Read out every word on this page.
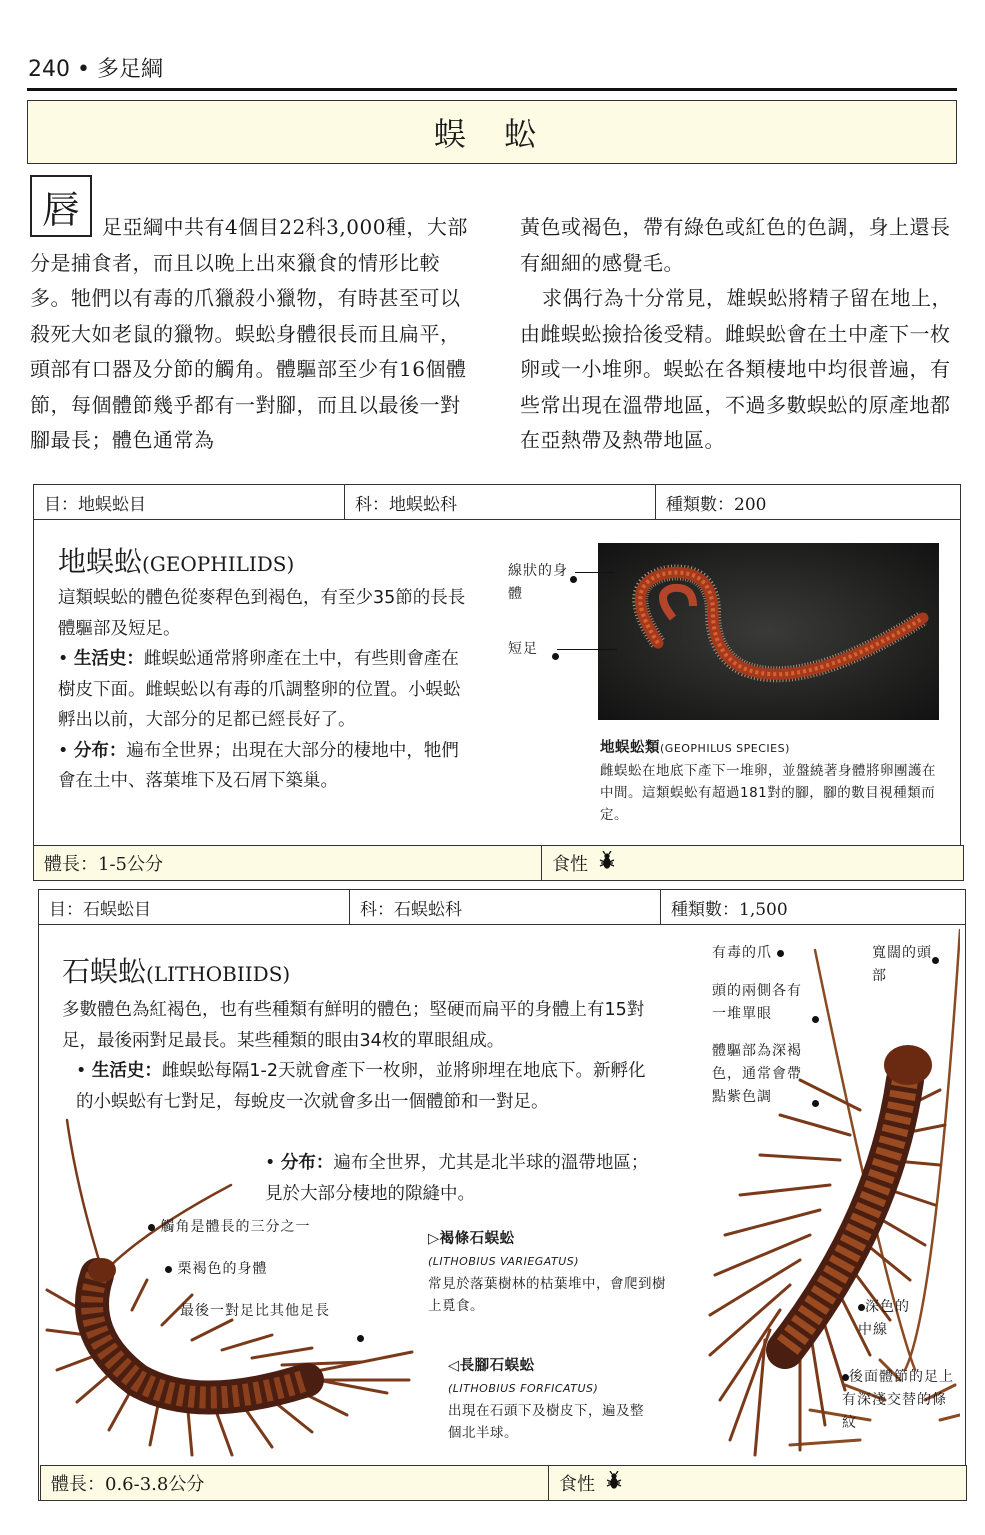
240 • 多足綱
蜈 蚣
唇	足亞綱中共有4個目22科3,000種，大部分是捕食者，而且以晚上出來獵食的情形比較多。牠們以有毒的爪獵殺小獵物，有時甚至可以殺死大如老鼠的獵物。蜈蚣身體很長而且扁平，頭部有口器及分節的觸角。體驅部至少有16個體節，每個體節幾乎都有一對腳，而且以最後一對腳最長；體色通常為

黃色或褐色，帶有綠色或紅色的色調，身上還長有細細的感覺毛。

求偶行為十分常見，雄蜈蚣將精子留在地上，由雌蜈蚣撿拾後受精。雌蜈蚣會在土中產下一枚卵或一小堆卵。蜈蚣在各類棲地中均很普遍，有些常出現在溫帶地區，不過多數蜈蚣的原產地都在亞熱帶及熱帶地區。

目：地蜈蚣目	科：地蜈蚣科	種類數：200
地蜈蚣(GEOPHILIDS)

這類蜈蚣的體色從麥稈色到褐色，有至少35節的長長體驅部及短足。

• 生活史：雌蜈蚣通常將卵產在土中，有些則會產在樹皮下面。雌蜈蚣以有毒的爪調整卵的位置。小蜈蚣孵出以前，大部分的足都已經長好了。

• 分布：遍布全世界；出現在大部分的棲地中，牠們會在土中、落葉堆下及石屑下築巢。

線狀的身體
短足
地蜈蚣類(GEOPHILUS SPECIES)
雌蜈蚣在地底下產下一堆卵，並盤繞著身體將卵團護在中間。這類蜈蚣有超過181對的腳，腳的數目視種類而定。
體長：1-5公分	食性
目：石蜈蚣目	科：石蜈蚣科	種類數：1,500
石蜈蚣(LITHOBIIDS)

多數體色為紅褐色，也有些種類有鮮明的體色；堅硬而扁平的身體上有15對足，最後兩對足最長。某些種類的眼由34枚的單眼組成。

• 生活史：雌蜈蚣每隔1-2天就會產下一枚卵，並將卵埋在地底下。新孵化的小蜈蚣有七對足，每蛻皮一次就會多出一個體節和一對足。

• 分布：遍布全世界，尤其是北半球的溫帶地區；見於大部分棲地的隙縫中。

觸角是體長的三分之一
栗褐色的身體
最後一對足比其他足長
▷褐條石蜈蚣
(LITHOBIUS VARIEGATUS)
常見於落葉樹林的枯葉堆中，會爬到樹上覓食。
◁長腳石蜈蚣
(LITHOBIUS FORFICATUS)
出現在石頭下及樹皮下，遍及整個北半球。
有毒的爪
頭的兩側各有一堆單眼
體驅部為深褐色，通常會帶點紫色調
寬闊的頭部
深色的中線
後面體節的足上有深淺交替的條紋
體長：0.6-3.8公分	食性
